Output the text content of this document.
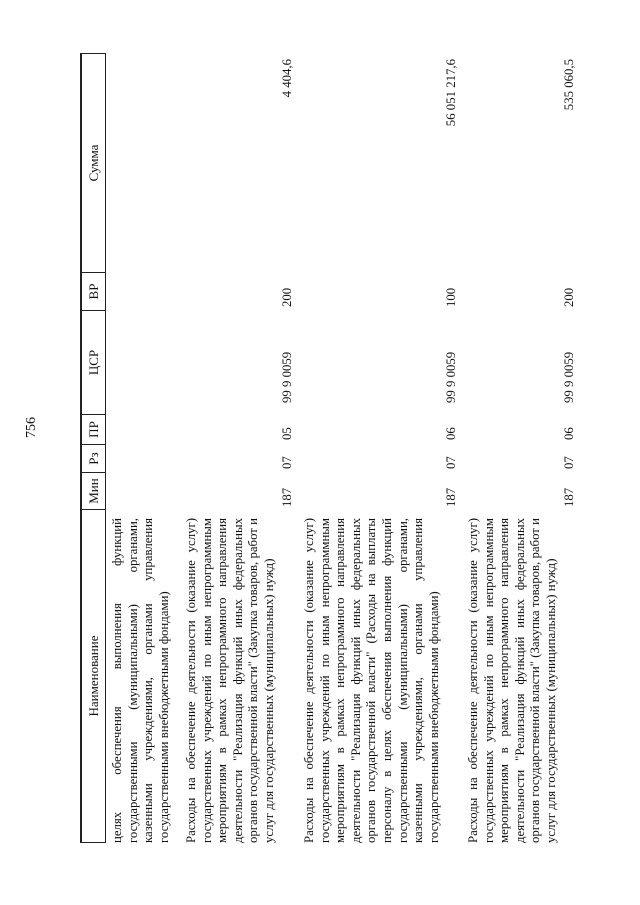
756
Наименование
Мин
Рз
ПР
ЦСР
ВР
Сумма
целях обеспечения выполнения функций государственными (муниципальными) органами, казенными учреждениями, органами управления государственными внебюджетными фондами) Расходы на обеспечение деятельности (оказание услуг) государственных учреждений по иным непрограммным мероприятиям в рамках непрограммного направления деятельности "Реализация функций иных федеральных органов государственной власти" (Закупка товаров, работ и услуг для государственных (муниципальных) нужд)
187
07
05
99 9 0059
200
4 404,6
Расходы на обеспечение деятельности (оказание услуг) государственных учреждений по иным непрограммным мероприятиям в рамках непрограммного направления деятельности "Реализация функций иных федеральных органов государственной власти" (Расходы на выплаты персоналу в целях обеспечения выполнения функций государственными (муниципальными) органами, казенными учреждениями, органами управления государственными внебюджетными фондами)
187
07
06
99 9 0059
100
56 051 217,6
Расходы на обеспечение деятельности (оказание услуг) государственных учреждений по иным непрограммным мероприятиям в рамках непрограммного направления деятельности "Реализация функций иных федеральных органов государственной власти" (Закупка товаров, работ и услуг для государственных (муниципальных) нужд)
187
07
06
99 9 0059
200
535 060,5
